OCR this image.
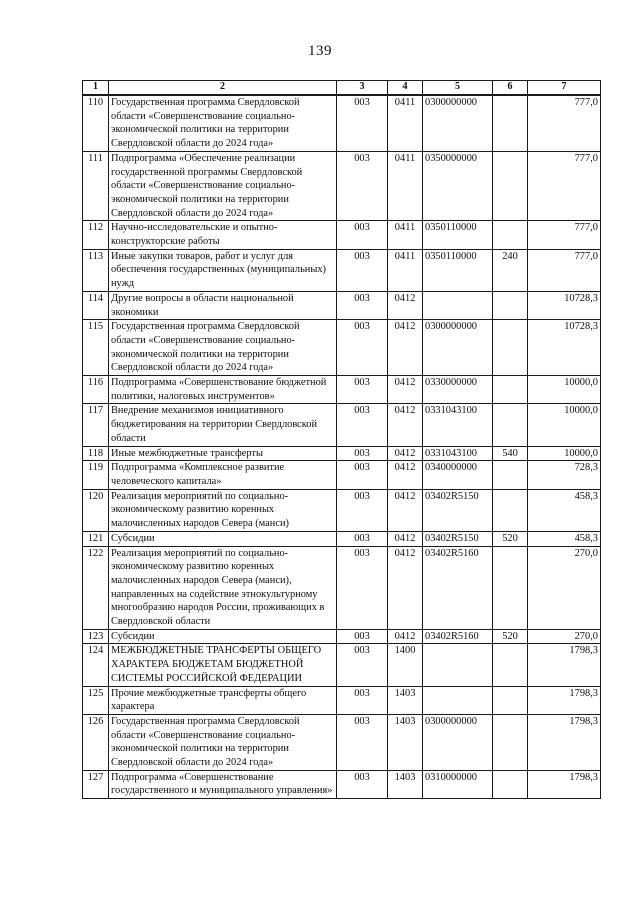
139
1	2	3	4	5	6	7
110	Государственная программа Свердловской области «Совершенствование социально-экономической политики на территории Свердловской области до 2024 года»	003	0411	0300000000		777,0
111	Подпрограмма «Обеспечение реализации государственной программы Свердловской области «Совершенствование социально-экономической политики на территории Свердловской области до 2024 года»	003	0411	0350000000		777,0
112	Научно-исследовательские и опытно-конструкторские работы	003	0411	0350110000		777,0
113	Иные закупки товаров, работ и услуг для обеспечения государственных (муниципальных) нужд	003	0411	0350110000	240	777,0
114	Другие вопросы в области национальной экономики	003	0412			10728,3
115	Государственная программа Свердловской области «Совершенствование социально-экономической политики на территории Свердловской области до 2024 года»	003	0412	0300000000		10728,3
116	Подпрограмма «Совершенствование бюджетной политики, налоговых инструментов»	003	0412	0330000000		10000,0
117	Внедрение механизмов инициативного бюджетирования на территории Свердловской области	003	0412	0331043100		10000,0
118	Иные межбюджетные трансферты	003	0412	0331043100	540	10000,0
119	Подпрограмма «Комплексное развитие человеческого капитала»	003	0412	0340000000		728,3
120	Реализация мероприятий по социально-экономическому развитию коренных малочисленных народов Севера (манси)	003	0412	03402R5150		458,3
121	Субсидии	003	0412	03402R5150	520	458,3
122	Реализация мероприятий по социально-экономическому развитию коренных малочисленных народов Севера (манси), направленных на содействие этнокультурному многообразию народов России, проживающих в Свердловской области	003	0412	03402R5160		270,0
123	Субсидии	003	0412	03402R5160	520	270,0
124	МЕЖБЮДЖЕТНЫЕ ТРАНСФЕРТЫ ОБЩЕГО ХАРАКТЕРА БЮДЖЕТАМ БЮДЖЕТНОЙ СИСТЕМЫ РОССИЙСКОЙ ФЕДЕРАЦИИ	003	1400			1798,3
125	Прочие межбюджетные трансферты общего характера	003	1403			1798,3
126	Государственная программа Свердловской области «Совершенствование социально-экономической политики на территории Свердловской области до 2024 года»	003	1403	0300000000		1798,3
127	Подпрограмма «Совершенствование государственного и муниципального управления»	003	1403	0310000000		1798,3
